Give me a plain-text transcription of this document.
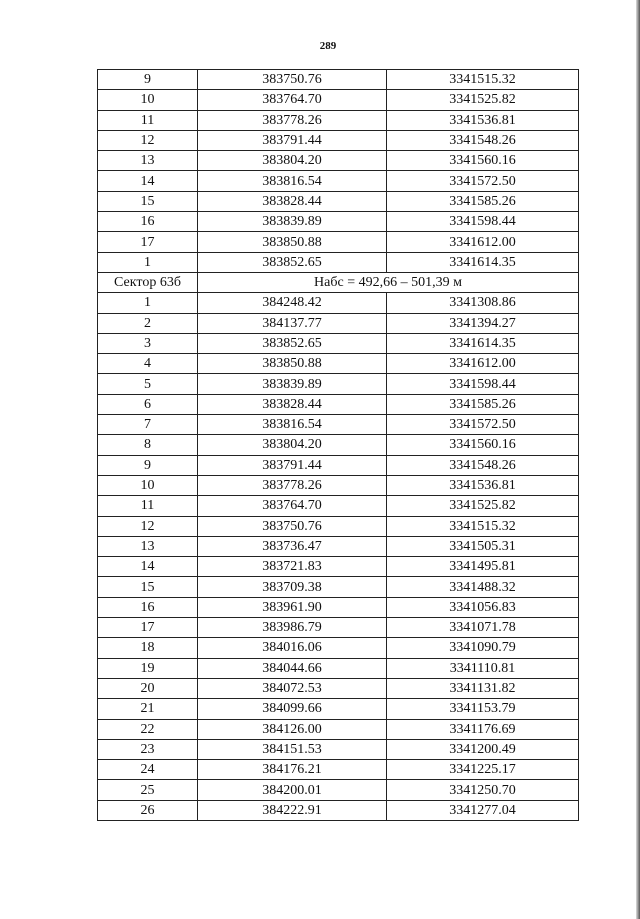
289
9	383750.76	3341515.32
10	383764.70	3341525.82
11	383778.26	3341536.81
12	383791.44	3341548.26
13	383804.20	3341560.16
14	383816.54	3341572.50
15	383828.44	3341585.26
16	383839.89	3341598.44
17	383850.88	3341612.00
1	383852.65	3341614.35
Сектор 63б	Набс = 492,66 – 501,39 м	
1	384248.42	3341308.86
2	384137.77	3341394.27
3	383852.65	3341614.35
4	383850.88	3341612.00
5	383839.89	3341598.44
6	383828.44	3341585.26
7	383816.54	3341572.50
8	383804.20	3341560.16
9	383791.44	3341548.26
10	383778.26	3341536.81
11	383764.70	3341525.82
12	383750.76	3341515.32
13	383736.47	3341505.31
14	383721.83	3341495.81
15	383709.38	3341488.32
16	383961.90	3341056.83
17	383986.79	3341071.78
18	384016.06	3341090.79
19	384044.66	3341110.81
20	384072.53	3341131.82
21	384099.66	3341153.79
22	384126.00	3341176.69
23	384151.53	3341200.49
24	384176.21	3341225.17
25	384200.01	3341250.70
26	384222.91	3341277.04
